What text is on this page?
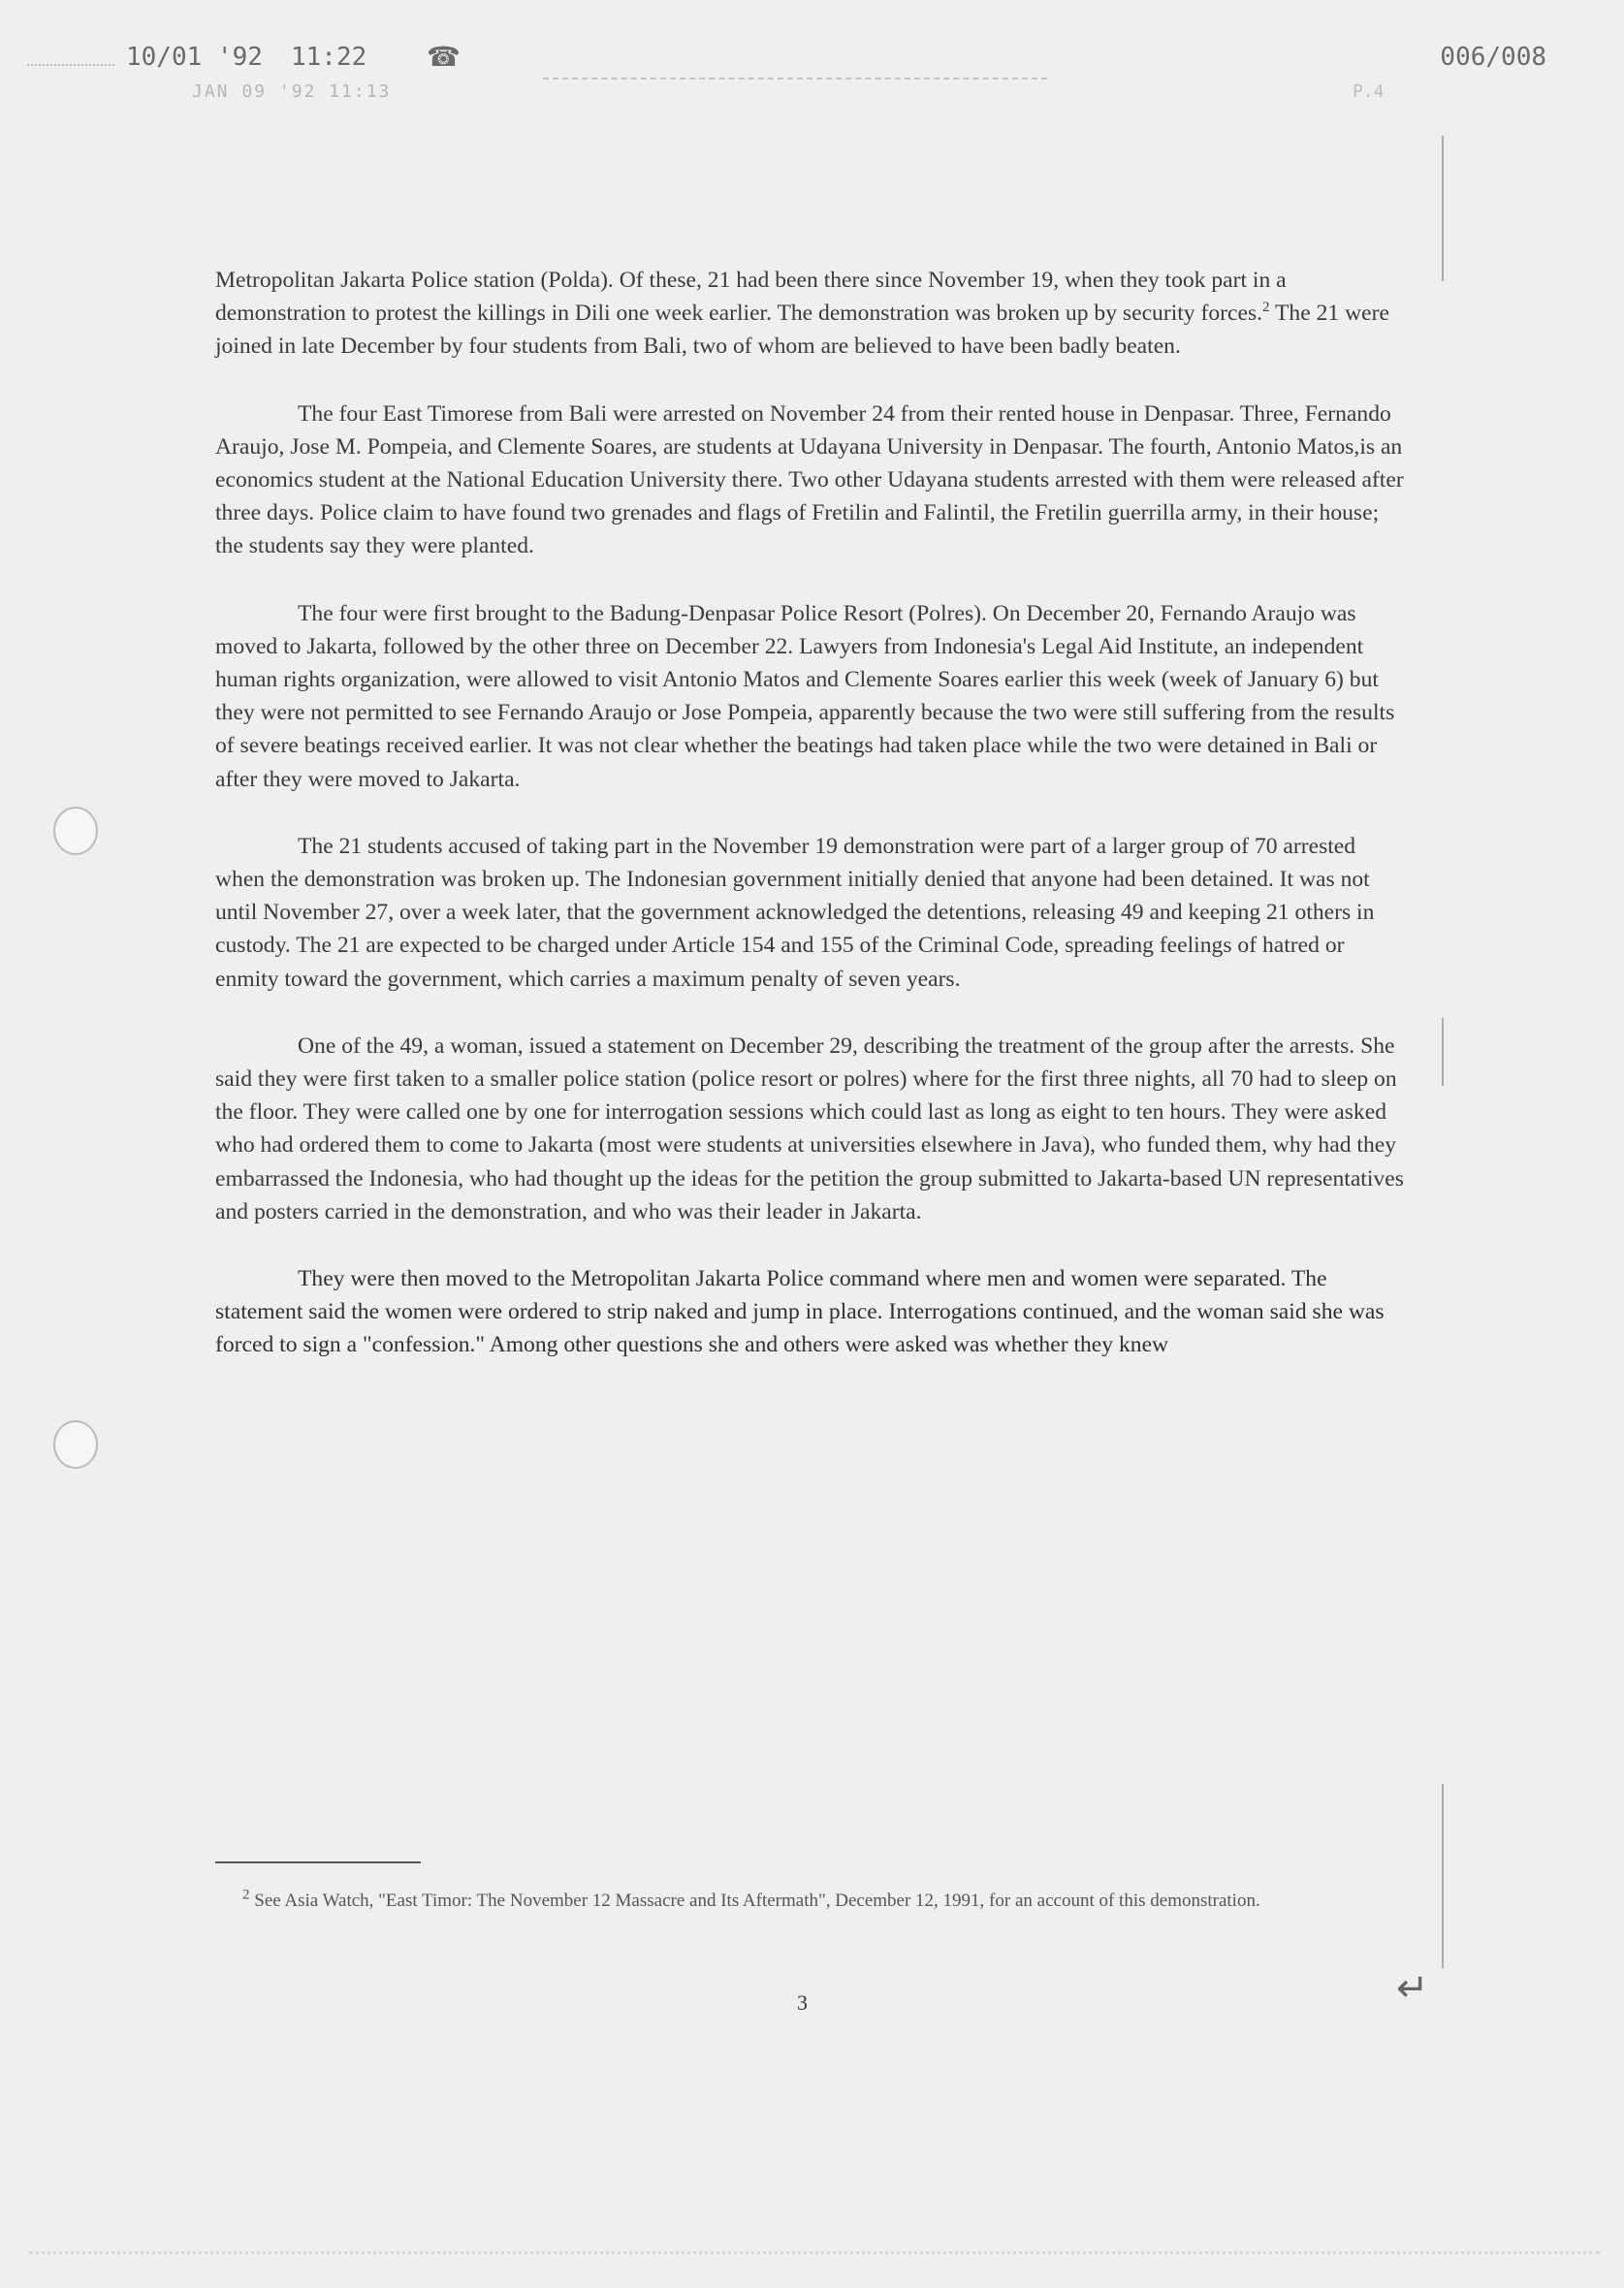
10/01 '92 11:22 ☎	006/008
JAN 09 '92 11:13	P.4

Metropolitan Jakarta Police station (Polda). Of these, 21 had been there since November 19, when they took part in a demonstration to protest the killings in Dili one week earlier. The demonstration was broken up by security forces.$^2$ The 21 were joined in late December by four students from Bali, two of whom are believed to have been badly beaten.

The four East Timorese from Bali were arrested on November 24 from their rented house in Denpasar. Three, Fernando Araujo, Jose M. Pompeia, and Clemente Soares, are students at Udayana University in Denpasar. The fourth, Antonio Matos,is an economics student at the National Education University there. Two other Udayana students arrested with them were released after three days. Police claim to have found two grenades and flags of Fretilin and Falintil, the Fretilin guerrilla army, in their house; the students say they were planted.

The four were first brought to the Badung-Denpasar Police Resort (Polres). On December 20, Fernando Araujo was moved to Jakarta, followed by the other three on December 22. Lawyers from Indonesia's Legal Aid Institute, an independent human rights organization, were allowed to visit Antonio Matos and Clemente Soares earlier this week (week of January 6) but they were not permitted to see Fernando Araujo or Jose Pompeia, apparently because the two were still suffering from the results of severe beatings received earlier. It was not clear whether the beatings had taken place while the two were detained in Bali or after they were moved to Jakarta.

The 21 students accused of taking part in the November 19 demonstration were part of a larger group of 70 arrested when the demonstration was broken up. The Indonesian government initially denied that anyone had been detained. It was not until November 27, over a week later, that the government acknowledged the detentions, releasing 49 and keeping 21 others in custody. The 21 are expected to be charged under Article 154 and 155 of the Criminal Code, spreading feelings of hatred or enmity toward the government, which carries a maximum penalty of seven years.

One of the 49, a woman, issued a statement on December 29, describing the treatment of the group after the arrests. She said they were first taken to a smaller police station (police resort or polres) where for the first three nights, all 70 had to sleep on the floor. They were called one by one for interrogation sessions which could last as long as eight to ten hours. They were asked who had ordered them to come to Jakarta (most were students at universities elsewhere in Java), who funded them, why had they embarrassed the Indonesia, who had thought up the ideas for the petition the group submitted to Jakarta-based UN representatives and posters carried in the demonstration, and who was their leader in Jakarta.

They were then moved to the Metropolitan Jakarta Police command where men and women were separated. The statement said the women were ordered to strip naked and jump in place. Interrogations continued, and the woman said she was forced to sign a "confession." Among other questions she and others were asked was whether they knew

$^2$ See Asia Watch, "East Timor: The November 12 Massacre and Its Aftermath", December 12, 1991, for an account of this demonstration.
3	↵
